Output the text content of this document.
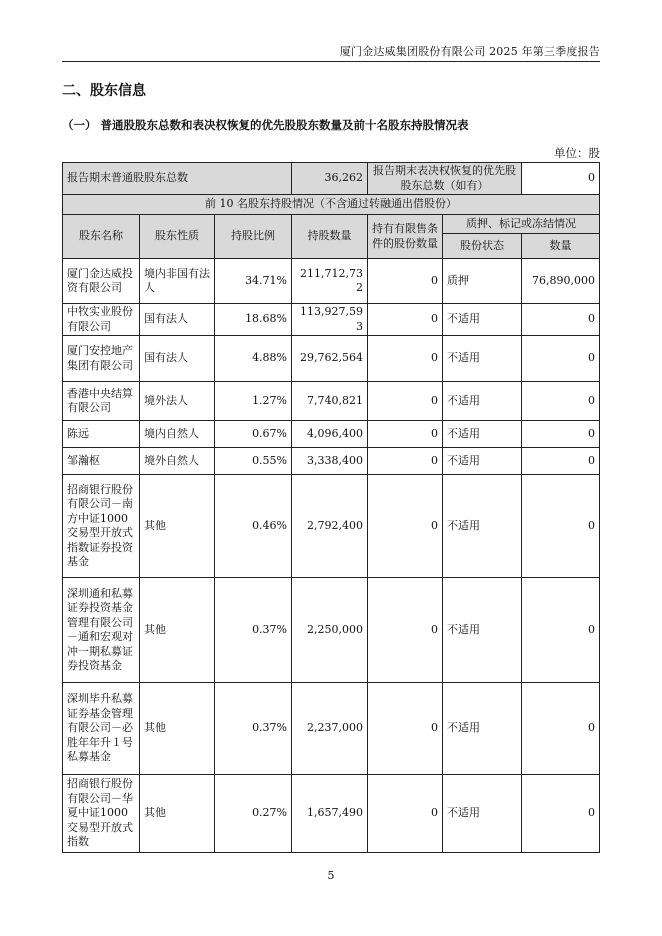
厦门金达威集团股份有限公司 2025 年第三季度报告
二、股东信息
（一） 普通股股东总数和表决权恢复的优先股股东数量及前十名股东持股情况表
单位：股
报告期末普通股股东总数			36,262	报告期末表决权恢复的优先股股东总数（如有）		0
前 10 名股东持股情况（不含通过转融通出借股份）						
股东名称	股东性质	持股比例	持股数量	持有有限售条件的股份数量	质押、标记或冻结情况	
					股份状态	数量
厦门金达威投资有限公司	境内非国有法人	34.71%	211,712,732	0	质押	76,890,000
中牧实业股份有限公司	国有法人	18.68%	113,927,593	0	不适用	0
厦门安控地产集团有限公司	国有法人	4.88%	29,762,564	0	不适用	0
香港中央结算有限公司	境外法人	1.27%	7,740,821	0	不适用	0
陈远	境内自然人	0.67%	4,096,400	0	不适用	0
邹瀚枢	境外自然人	0.55%	3,338,400	0	不适用	0
招商银行股份有限公司－南方中证1000交易型开放式指数证券投资基金	其他	0.46%	2,792,400	0	不适用	0
深圳通和私募证券投资基金管理有限公司－通和宏观对冲一期私募证券投资基金	其他	0.37%	2,250,000	0	不适用	0
深圳毕升私募证券基金管理有限公司－必胜年年升１号私募基金	其他	0.37%	2,237,000	0	不适用	0
招商银行股份有限公司－华夏中证1000交易型开放式指数	其他	0.27%	1,657,490	0	不适用	0
5
